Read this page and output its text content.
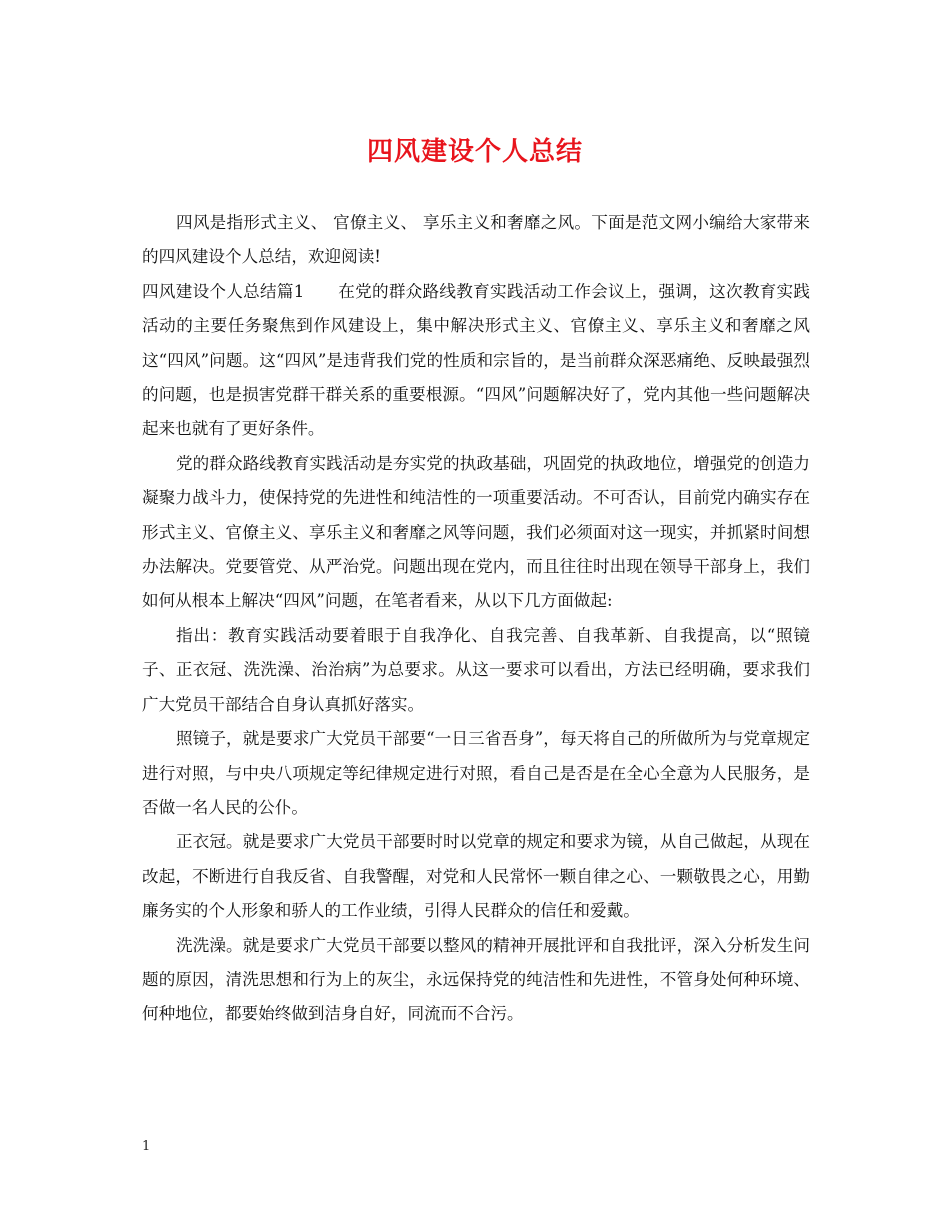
四风建设个人总结

四风是指形式主义、 官僚主义、 享乐主义和奢靡之风。下面是范文网小编给大家带来的四风建设个人总结，欢迎阅读!

四风建设个人总结篇1　　在党的群众路线教育实践活动工作会议上，强调，这次教育实践活动的主要任务聚焦到作风建设上，集中解决形式主义、官僚主义、享乐主义和奢靡之风这“四风”问题。这“四风”是违背我们党的性质和宗旨的，是当前群众深恶痛绝、反映最强烈的问题，也是损害党群干群关系的重要根源。“四风”问题解决好了，党内其他一些问题解决起来也就有了更好条件。

党的群众路线教育实践活动是夯实党的执政基础，巩固党的执政地位，增强党的创造力凝聚力战斗力，使保持党的先进性和纯洁性的一项重要活动。不可否认，目前党内确实存在形式主义、官僚主义、享乐主义和奢靡之风等问题，我们必须面对这一现实，并抓紧时间想办法解决。党要管党、从严治党。问题出现在党内，而且往往时出现在领导干部身上，我们如何从根本上解决“四风”问题，在笔者看来，从以下几方面做起:

指出：教育实践活动要着眼于自我净化、自我完善、自我革新、自我提高，以“照镜子、正衣冠、洗洗澡、治治病”为总要求。从这一要求可以看出，方法已经明确，要求我们广大党员干部结合自身认真抓好落实。

照镜子，就是要求广大党员干部要“一日三省吾身”，每天将自己的所做所为与党章规定进行对照，与中央八项规定等纪律规定进行对照，看自己是否是在全心全意为人民服务，是否做一名人民的公仆。

正衣冠。就是要求广大党员干部要时时以党章的规定和要求为镜，从自己做起，从现在改起，不断进行自我反省、自我警醒，对党和人民常怀一颗自律之心、一颗敬畏之心，用勤廉务实的个人形象和骄人的工作业绩，引得人民群众的信任和爱戴。

洗洗澡。就是要求广大党员干部要以整风的精神开展批评和自我批评，深入分析发生问题的原因，清洗思想和行为上的灰尘，永远保持党的纯洁性和先进性，不管身处何种环境、何种地位，都要始终做到洁身自好，同流而不合污。

1
